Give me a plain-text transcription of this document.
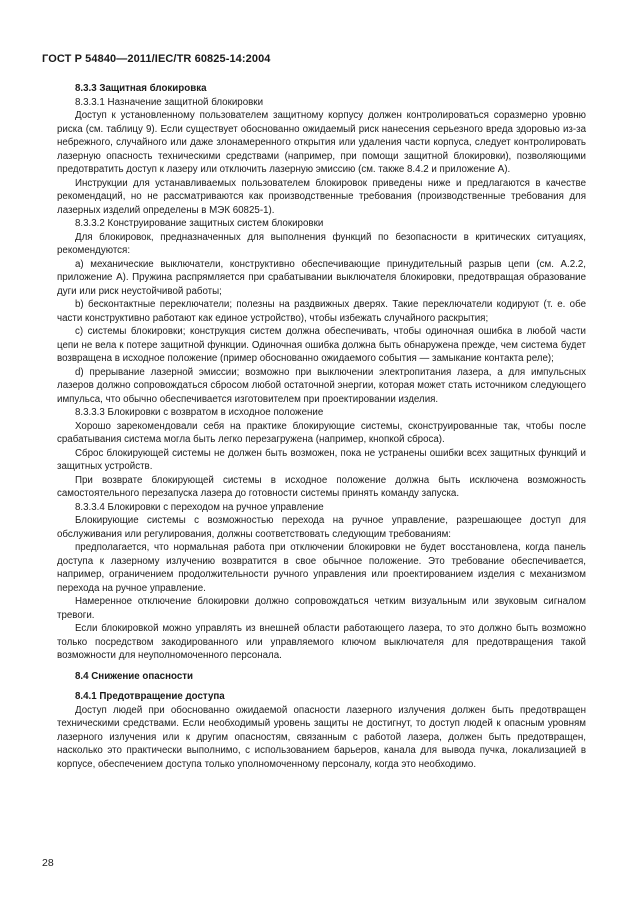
ГОСТ Р 54840—2011/IEC/TR 60825-14:2004
8.3.3 Защитная блокировка

8.3.3.1 Назначение защитной блокировки

Доступ к установленному пользователем защитному корпусу должен контролироваться соразмерно уровню риска (см. таблицу 9). Если существует обоснованно ожидаемый риск нанесения серьезного вреда здоровью из-за небрежного, случайного или даже злонамеренного открытия или удаления части корпуса, следует контролировать лазерную опасность техническими средствами (например, при помощи защитной блокировки), позволяющими предотвратить доступ к лазеру или отключить лазерную эмиссию (см. также 8.4.2 и приложение А).

Инструкции для устанавливаемых пользователем блокировок приведены ниже и предлагаются в качестве рекомендаций, но не рассматриваются как производственные требования (производственные требования для лазерных изделий определены в МЭК 60825-1).

8.3.3.2 Конструирование защитных систем блокировки

Для блокировок, предназначенных для выполнения функций по безопасности в критических ситуациях, рекомендуются:

а) механические выключатели, конструктивно обеспечивающие принудительный разрыв цепи (см. А.2.2, приложение А). Пружина распрямляется при срабатывании выключателя блокировки, предотвращая образование дуги или риск неустойчивой работы;

b) бесконтактные переключатели; полезны на раздвижных дверях. Такие переключатели кодируют (т. е. обе части конструктивно работают как единое устройство), чтобы избежать случайного раскрытия;

с) системы блокировки; конструкция систем должна обеспечивать, чтобы одиночная ошибка в любой части цепи не вела к потере защитной функции. Одиночная ошибка должна быть обнаружена прежде, чем система будет возвращена в исходное положение (пример обоснованно ожидаемого события — замыкание контакта реле);

d) прерывание лазерной эмиссии; возможно при выключении электропитания лазера, а для импульсных лазеров должно сопровождаться сбросом любой остаточной энергии, которая может стать источником следующего импульса, что обычно обеспечивается изготовителем при проектировании изделия.

8.3.3.3 Блокировки с возвратом в исходное положение

Хорошо зарекомендовали себя на практике блокирующие системы, сконструированные так, чтобы после срабатывания система могла быть легко перезагружена (например, кнопкой сброса).

Сброс блокирующей системы не должен быть возможен, пока не устранены ошибки всех защитных функций и защитных устройств.

При возврате блокирующей системы в исходное положение должна быть исключена возможность самостоятельного перезапуска лазера до готовности системы принять команду запуска.

8.3.3.4 Блокировки с переходом на ручное управление

Блокирующие системы с возможностью перехода на ручное управление, разрешающее доступ для обслуживания или регулирования, должны соответствовать следующим требованиям:

предполагается, что нормальная работа при отключении блокировки не будет восстановлена, когда панель доступа к лазерному излучению возвратится в свое обычное положение. Это требование обеспечивается, например, ограничением продолжительности ручного управления или проектированием изделия с механизмом перехода на ручное управление.

Намеренное отключение блокировки должно сопровождаться четким визуальным или звуковым сигналом тревоги.

Если блокировкой можно управлять из внешней области работающего лазера, то это должно быть возможно только посредством закодированного или управляемого ключом выключателя для предотвращения такой возможности для неуполномоченного персонала.

8.4 Снижение опасности
8.4.1 Предотвращение доступа

Доступ людей при обоснованно ожидаемой опасности лазерного излучения должен быть предотвращен техническими средствами. Если необходимый уровень защиты не достигнут, то доступ людей к опасным уровням лазерного излучения или к другим опасностям, связанным с работой лазера, должен быть предотвращен, насколько это практически выполнимо, с использованием барьеров, канала для вывода пучка, локализацией в корпусе, обеспечением доступа только уполномоченному персоналу, когда это необходимо.

28
